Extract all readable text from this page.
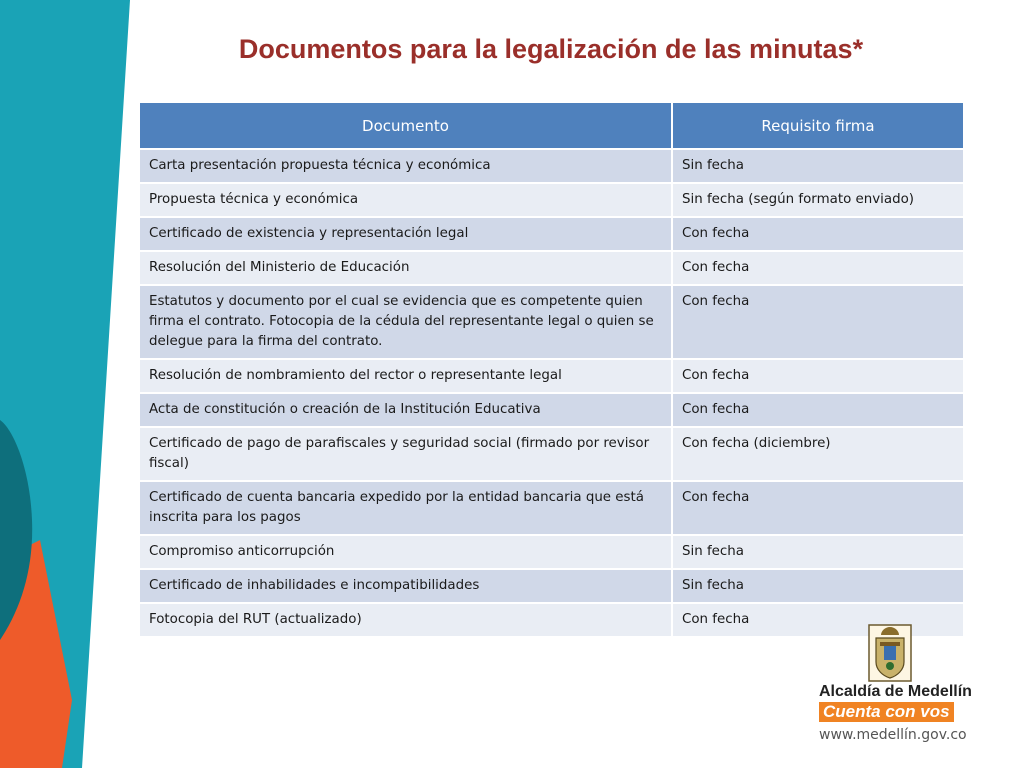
Documentos para la legalización de las minutas*
Documento	Requisito firma
Carta presentación propuesta técnica y económica	Sin fecha
Propuesta técnica y económica	Sin fecha (según formato enviado)
Certificado de existencia y representación legal	Con fecha
Resolución del Ministerio de Educación	Con fecha
Estatutos y documento por el cual se evidencia que es competente quien firma el contrato. Fotocopia de la cédula del representante legal o quien se delegue para la firma del contrato.	Con fecha
Resolución de nombramiento del rector o representante legal	Con fecha
Acta de constitución o creación de la Institución Educativa	Con fecha
Certificado de pago de parafiscales y seguridad social (firmado por revisor fiscal)	Con fecha (diciembre)
Certificado de cuenta bancaria expedido por la entidad bancaria que está inscrita para los pagos	Con fecha
Compromiso anticorrupción	Sin fecha
Certificado de inhabilidades e incompatibilidades	Sin fecha
Fotocopia del RUT (actualizado)	Con fecha
Alcaldía de Medellín
Cuenta con vos
www.medellín.gov.co
